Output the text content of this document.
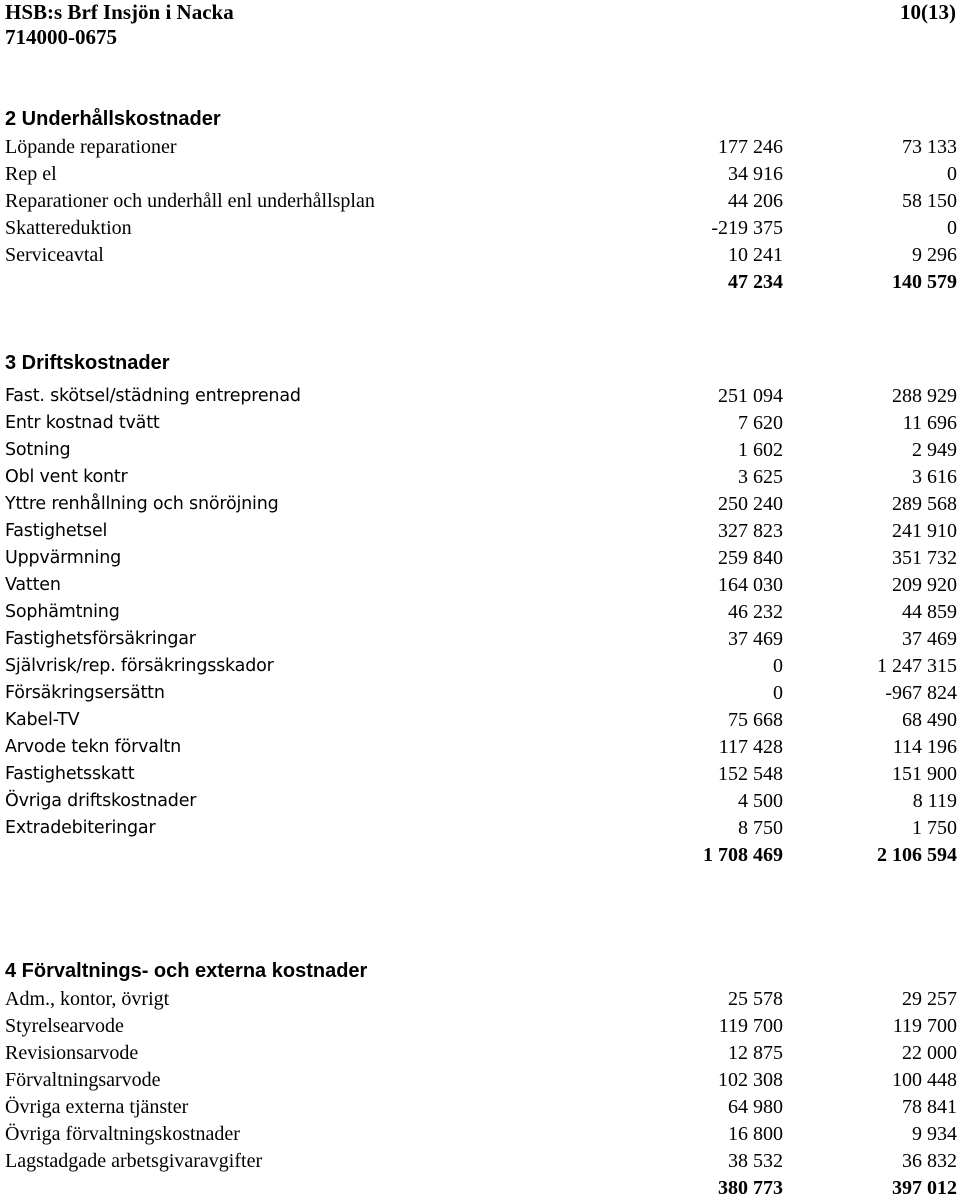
HSB:s Brf Insjön i Nacka
714000-0675
10(13)
2 Underhållskostnader
Löpande reparationer	177 246	73 133
Rep el	34 916	0
Reparationer och underhåll enl underhållsplan	44 206	58 150
Skattereduktion	-219 375	0
Serviceavtal	10 241	9 296
47 234	140 579
3 Driftskostnader
Fast. skötsel/städning entreprenad	251 094	288 929
Entr kostnad tvätt	7 620	11 696
Sotning	1 602	2 949
Obl vent kontr	3 625	3 616
Yttre renhållning och snöröjning	250 240	289 568
Fastighetsel	327 823	241 910
Uppvärmning	259 840	351 732
Vatten	164 030	209 920
Sophämtning	46 232	44 859
Fastighetsförsäkringar	37 469	37 469
Självrisk/rep. försäkringsskador	0	1 247 315
Försäkringsersättn	0	-967 824
Kabel-TV	75 668	68 490
Arvode tekn förvaltn	117 428	114 196
Fastighetsskatt	152 548	151 900
Övriga driftskostnader	4 500	8 119
Extradebiteringar	8 750	1 750
1 708 469	2 106 594
4 Förvaltnings- och externa kostnader
Adm., kontor, övrigt	25 578	29 257
Styrelsearvode	119 700	119 700
Revisionsarvode	12 875	22 000
Förvaltningsarvode	102 308	100 448
Övriga externa tjänster	64 980	78 841
Övriga förvaltningskostnader	16 800	9 934
Lagstadgade arbetsgivaravgifter	38 532	36 832
380 773	397 012
